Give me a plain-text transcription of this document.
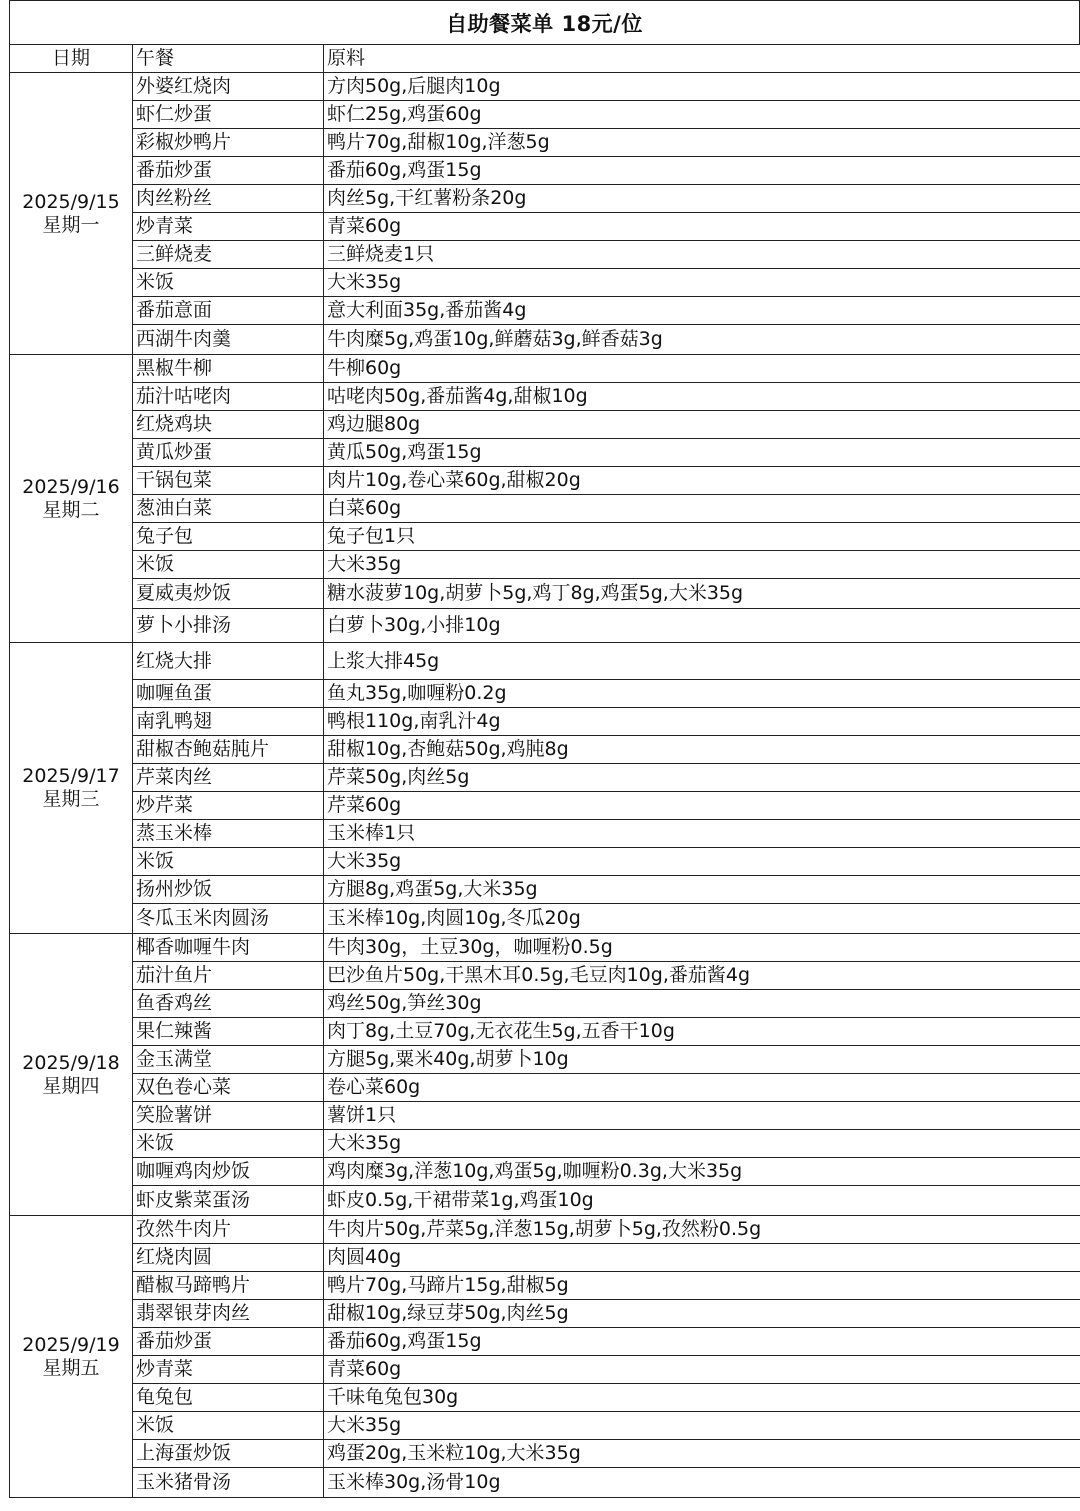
自助餐菜单 18元/位
日期	午餐	原料

2025/9/15
星期一	外婆红烧肉	方肉50g,后腿肉10g
	虾仁炒蛋	虾仁25g,鸡蛋60g
	彩椒炒鸭片	鸭片70g,甜椒10g,洋葱5g
	番茄炒蛋	番茄60g,鸡蛋15g
	肉丝粉丝	肉丝5g,干红薯粉条20g
	炒青菜	青菜60g
	三鲜烧麦	三鲜烧麦1只
	米饭	大米35g
	番茄意面	意大利面35g,番茄酱4g
	西湖牛肉羹	牛肉糜5g,鸡蛋10g,鲜蘑菇3g,鲜香菇3g

2025/9/16
星期二	黑椒牛柳	牛柳60g
	茄汁咕咾肉	咕咾肉50g,番茄酱4g,甜椒10g
	红烧鸡块	鸡边腿80g
	黄瓜炒蛋	黄瓜50g,鸡蛋15g
	干锅包菜	肉片10g,卷心菜60g,甜椒20g
	葱油白菜	白菜60g
	兔子包	兔子包1只
	米饭	大米35g
	夏威夷炒饭	糖水菠萝10g,胡萝卜5g,鸡丁8g,鸡蛋5g,大米35g
	萝卜小排汤	白萝卜30g,小排10g

2025/9/17
星期三	红烧大排	上浆大排45g
	咖喱鱼蛋	鱼丸35g,咖喱粉0.2g
	南乳鸭翅	鸭根110g,南乳汁4g
	甜椒杏鲍菇肫片	甜椒10g,杏鲍菇50g,鸡肫8g
	芹菜肉丝	芹菜50g,肉丝5g
	炒芹菜	芹菜60g
	蒸玉米棒	玉米棒1只
	米饭	大米35g
	扬州炒饭	方腿8g,鸡蛋5g,大米35g
	冬瓜玉米肉圆汤	玉米棒10g,肉圆10g,冬瓜20g

2025/9/18
星期四	椰香咖喱牛肉	牛肉30g，土豆30g，咖喱粉0.5g
	茄汁鱼片	巴沙鱼片50g,干黑木耳0.5g,毛豆肉10g,番茄酱4g
	鱼香鸡丝	鸡丝50g,笋丝30g
	果仁辣酱	肉丁8g,土豆70g,无衣花生5g,五香干10g
	金玉满堂	方腿5g,粟米40g,胡萝卜10g
	双色卷心菜	卷心菜60g
	笑脸薯饼	薯饼1只
	米饭	大米35g
	咖喱鸡肉炒饭	鸡肉糜3g,洋葱10g,鸡蛋5g,咖喱粉0.3g,大米35g
	虾皮紫菜蛋汤	虾皮0.5g,干裙带菜1g,鸡蛋10g

2025/9/19
星期五	孜然牛肉片	牛肉片50g,芹菜5g,洋葱15g,胡萝卜5g,孜然粉0.5g
	红烧肉圆	肉圆40g
	醋椒马蹄鸭片	鸭片70g,马蹄片15g,甜椒5g
	翡翠银芽肉丝	甜椒10g,绿豆芽50g,肉丝5g
	番茄炒蛋	番茄60g,鸡蛋15g
	炒青菜	青菜60g
	龟兔包	千味龟兔包30g
	米饭	大米35g
	上海蛋炒饭	鸡蛋20g,玉米粒10g,大米35g
	玉米猪骨汤	玉米棒30g,汤骨10g
